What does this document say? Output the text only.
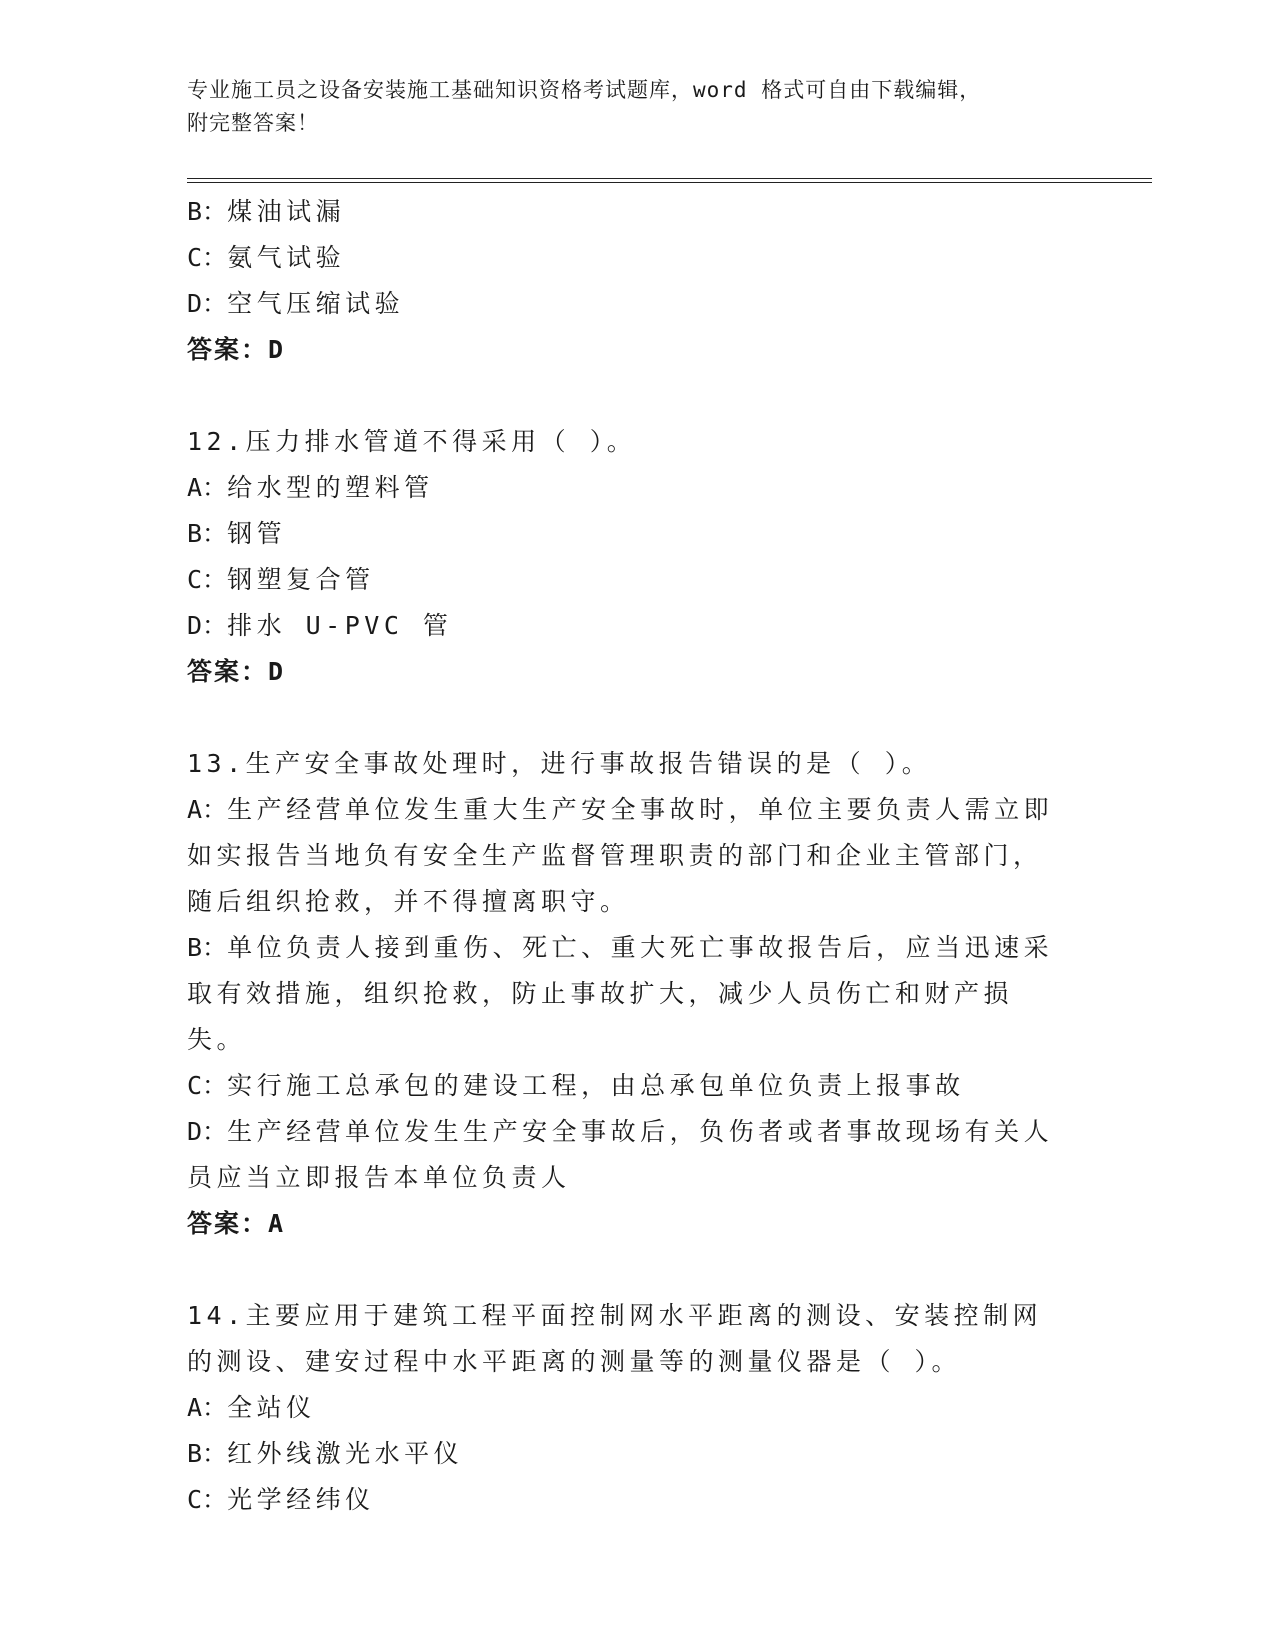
专业施工员之设备安装施工基础知识资格考试题库，word 格式可自由下载编辑，
附完整答案！
B：煤油试漏
C：氨气试验
D：空气压缩试验
答案：D
12.压力排水管道不得采用（ ）。
A：给水型的塑料管
B：钢管
C：钢塑复合管
D：排水 U-PVC 管
答案：D
13.生产安全事故处理时，进行事故报告错误的是（ ）。
A：生产经营单位发生重大生产安全事故时，单位主要负责人需立即如实报告当地负有安全生产监督管理职责的部门和企业主管部门，随后组织抢救，并不得擅离职守。
B：单位负责人接到重伤、死亡、重大死亡事故报告后，应当迅速采取有效措施，组织抢救，防止事故扩大，减少人员伤亡和财产损失。
C：实行施工总承包的建设工程，由总承包单位负责上报事故
D：生产经营单位发生生产安全事故后，负伤者或者事故现场有关人员应当立即报告本单位负责人
答案：A
14.主要应用于建筑工程平面控制网水平距离的测设、安装控制网的测设、建安过程中水平距离的测量等的测量仪器是（ ）。
A：全站仪
B：红外线激光水平仪
C：光学经纬仪
